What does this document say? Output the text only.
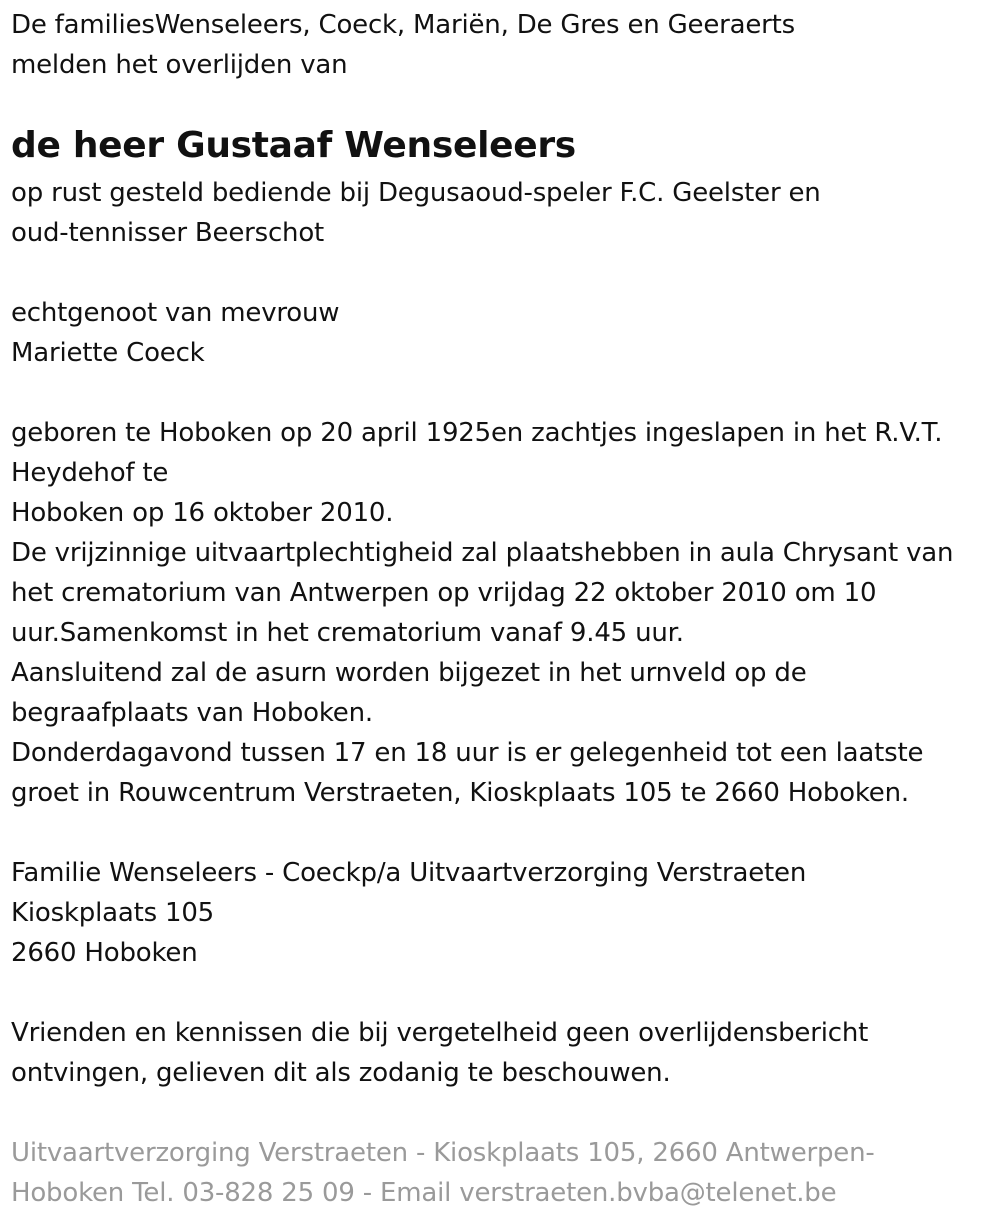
De familiesWenseleers, Coeck, Mariën, De Gres en Geeraerts
melden het overlijden van
de heer Gustaaf Wenseleers
op rust gesteld bediende bij Degusaoud-speler F.C. Geelster en
oud-tennisser Beerschot
echtgenoot van mevrouw
Mariette Coeck
geboren te Hoboken op 20 april 1925en zachtjes ingeslapen in het R.V.T.
Heydehof te
Hoboken op 16 oktober 2010.
De vrijzinnige uitvaartplechtigheid zal plaatshebben in aula Chrysant van
het crematorium van Antwerpen op vrijdag 22 oktober 2010 om 10
uur.Samenkomst in het crematorium vanaf 9.45 uur.
Aansluitend zal de asurn worden bijgezet in het urnveld op de
begraafplaats van Hoboken.
Donderdagavond tussen 17 en 18 uur is er gelegenheid tot een laatste
groet in Rouwcentrum Verstraeten, Kioskplaats 105 te 2660 Hoboken.
Familie Wenseleers - Coeckp/a Uitvaartverzorging Verstraeten
Kioskplaats 105
2660 Hoboken
Vrienden en kennissen die bij vergetelheid geen overlijdensbericht
ontvingen, gelieven dit als zodanig te beschouwen.
Uitvaartverzorging Verstraeten - Kioskplaats 105, 2660 Antwerpen-
Hoboken Tel. 03-828 25 09 - Email verstraeten.bvba@telenet.be
